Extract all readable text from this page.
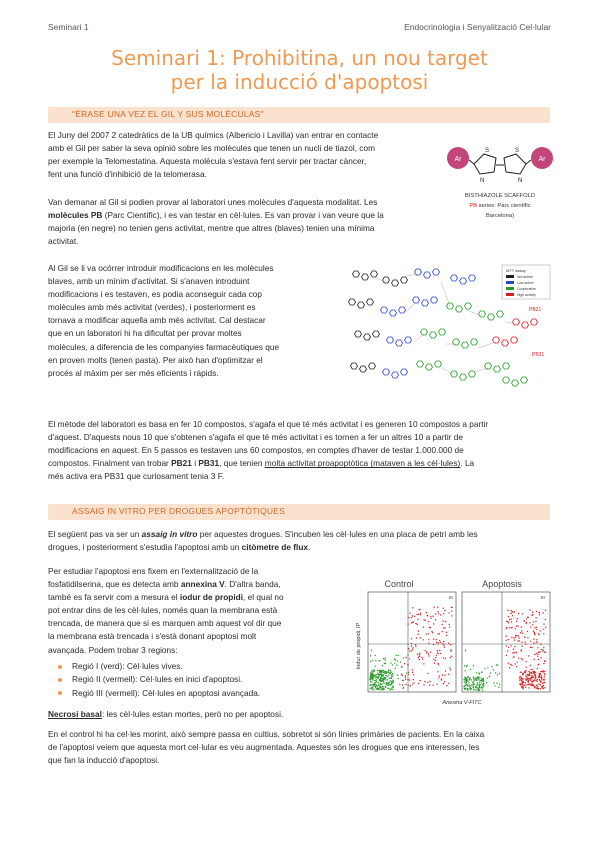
Seminari 1	Endocrinologia i Senyalització Cel·lular
Seminari 1: Prohibitina, un nou target
per la inducció d'apoptosi
"ÉRASE UNA VEZ EL GIL Y SUS MOLÉCULAS"
El Juny del 2007 2 catedràtics de la UB químics (Albericio i Lavilla) van entrar en contacte
amb el Gil per saber la seva opinió sobre les molècules que tenen un nucli de tiazol, com
per exemple la Telomestatina. Aquesta molècula s'estava fent servir per tractar càncer,
fent una funció d'inhibició de la telomerasa.
Ar	Ar
S	S
N	N
BISTHIAZOLE SCAFFOLD
PB series: Parc científic
Barcelona)
Van demanar al Gil si podien provar al laboratori unes molècules d'aquesta modalitat. Les
molècules PB (Parc Científic), i es van testar en cèl·lules. Es van provar i van veure que la
majoria (en negre) no tenien gens activitat, mentre que altres (blaves) tenien una mínima
activitat.
Al Gil se li va ocórrer introduir modificacions en les molècules
blaves, amb un mínim d'activitat. Si s'anaven introduint
modificacions i es testaven, es podia aconseguir cada cop
molècules amb més activitat (verdes), i posteriorment es
tornava a modificar aquella amb més activitat. Cal destacar
que en un laboratori hi ha dificultat per provar moltes
molècules, a diferencia de les companyies farmacèutiques que
en proven molts (tenen pasta). Per això han d'optimitzar el
procés al màxim per ser més eficients i ràpids.
MTT assay
Not active
Low active
Cooperative
High activity
PB21
PB31
El mètode del laboratori es basa en fer 10 compostos, s'agafa el que té més activitat i es generen 10 compostos a partir
d'aquest. D'aquests nous 10 que s'obtenen s'agafa el que té més activitat i es tornen a fer un altres 10 a partir de
modificacions en aquest. En 5 passos es testaven uns 60 compostos, en comptes d'haver de testar 1.000.000 de
compostos. Finalment van trobar PB21 i PB31, que tenien molta activitat proapoptòtica (mataven a les cèl·lules). La
més activa era PB31 que curiosament tenia 3 F.
ASSAIG IN VITRO PER DROGUES APOPTÒTIQUES
El següent pas va ser un assaig in vitro per aquestes drogues. S'incuben les cèl·lules en una placa de petri amb les
drogues, i posteriorment s'estudia l'apoptosi amb un citòmetre de flux.
Per estudiar l'apoptosi ens fixem en l'externalització de la
fosfatidilserina, que es detecta amb annexina V. D'altra banda,
també es fa servir com a mesura el iodur de propidi, el qual no
pot entrar dins de les cèl·lules, només quan la membrana està
trencada, de manera que si es marquen amb aquest vol dir que
la membrana està trencada i s'està donant apoptosi molt
avançada. Podem trobar 3 regions:
Regió I (verd): Cèl·lules vives.
Regió II (vermell): Cèl·lules en inici d'apoptosi.
Regió III (vermell): Cèl·lules en apoptosi avançada.
Necrosi basal: les cèl·lules estan mortes, però no per apoptosi.
En el control hi ha cel·les morint, això sempre passa en cultius, sobretot si són línies primàries de pacients. En la caixa
de l'apoptosi veiem que aquesta mort cel·lular es veu augmentada. Aquestes són les drogues que ens interessen, les
que fan la inducció d'apoptosi.
Control	Apoptosis
Iodur de propidi, IP
Anexina V-FITC
I	II
III
I	II
III
